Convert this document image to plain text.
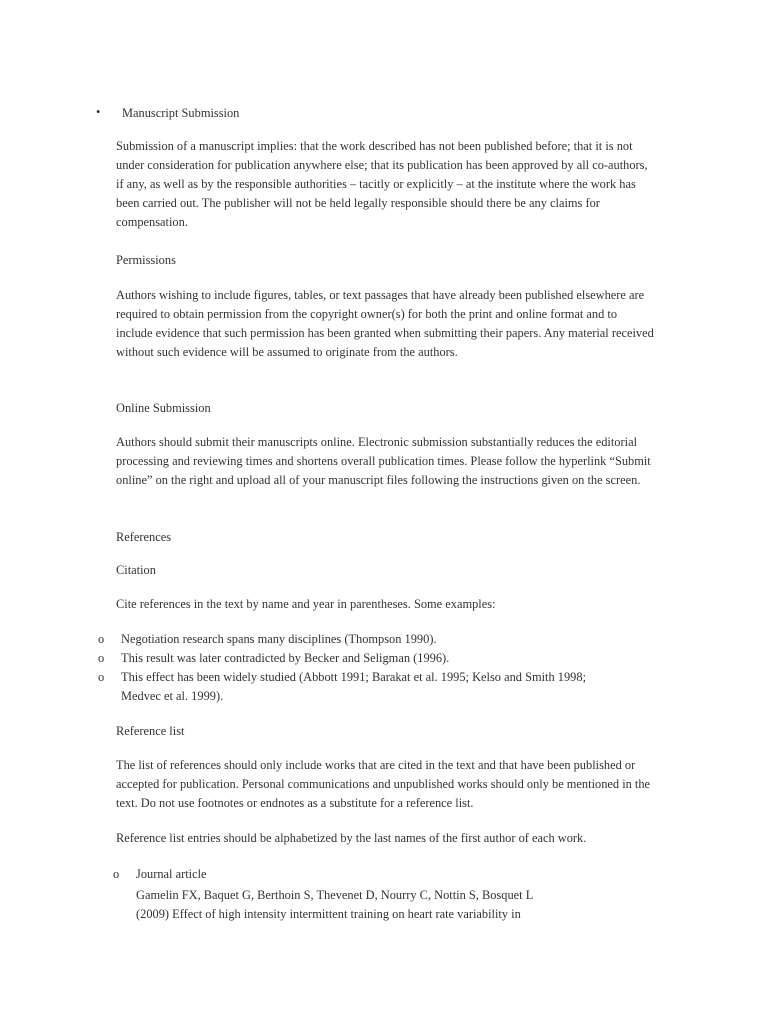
• Manuscript Submission

Submission of a manuscript implies: that the work described has not been published before; that it is not under consideration for publication anywhere else; that its publication has been approved by all co-authors, if any, as well as by the responsible authorities – tacitly or explicitly – at the institute where the work has been carried out. The publisher will not be held legally responsible should there be any claims for compensation.

Permissions

Authors wishing to include figures, tables, or text passages that have already been published elsewhere are required to obtain permission from the copyright owner(s) for both the print and online format and to include evidence that such permission has been granted when submitting their papers. Any material received without such evidence will be assumed to originate from the authors.

Online Submission

Authors should submit their manuscripts online. Electronic submission substantially reduces the editorial processing and reviewing times and shortens overall publication times. Please follow the hyperlink “Submit online” on the right and upload all of your manuscript files following the instructions given on the screen.

References
Citation

Cite references in the text by name and year in parentheses. Some examples:

o Negotiation research spans many disciplines (Thompson 1990).
o This result was later contradicted by Becker and Seligman (1996).
o This effect has been widely studied (Abbott 1991; Barakat et al. 1995; Kelso and Smith 1998; Medvec et al. 1999).
Reference list

The list of references should only include works that are cited in the text and that have been published or accepted for publication. Personal communications and unpublished works should only be mentioned in the text. Do not use footnotes or endnotes as a substitute for a reference list.

Reference list entries should be alphabetized by the last names of the first author of each work.

o Journal article
Gamelin FX, Baquet G, Berthoin S, Thevenet D, Nourry C, Nottin S, Bosquet L
(2009) Effect of high intensity intermittent training on heart rate variability in
